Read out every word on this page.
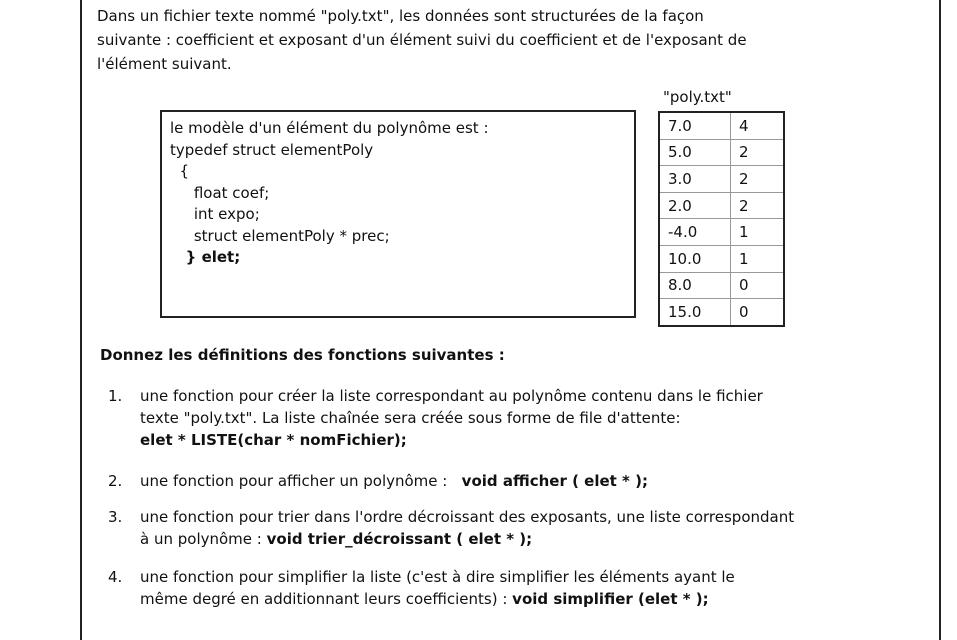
Dans un fichier texte nommé "poly.txt", les données sont structurées de la façon
suivante : coefficient et exposant d'un élément suivi du coefficient et de l'exposant de
l'élément suivant.
le modèle d'un élément du polynôme est :
typedef struct elementPoly
{
float coef;
int expo;
struct elementPoly * prec;
} elet;
"poly.txt"
7.0	4
5.0	2
3.0	2
2.0	2
-4.0	1
10.0	1
8.0	0
15.0	0
Donnez les définitions des fonctions suivantes :
1.	une fonction pour créer la liste correspondant au polynôme contenu dans le fichier
texte "poly.txt". La liste chaînée sera créée sous forme de file d'attente:
elet * LISTE(char * nomFichier);
2.	une fonction pour afficher un polynôme : void afficher ( elet * );
3.	une fonction pour trier dans l'ordre décroissant des exposants, une liste correspondant
à un polynôme : void trier_décroissant ( elet * );
4.	une fonction pour simplifier la liste (c'est à dire simplifier les éléments ayant le
même degré en additionnant leurs coefficients) : void simplifier (elet * );
